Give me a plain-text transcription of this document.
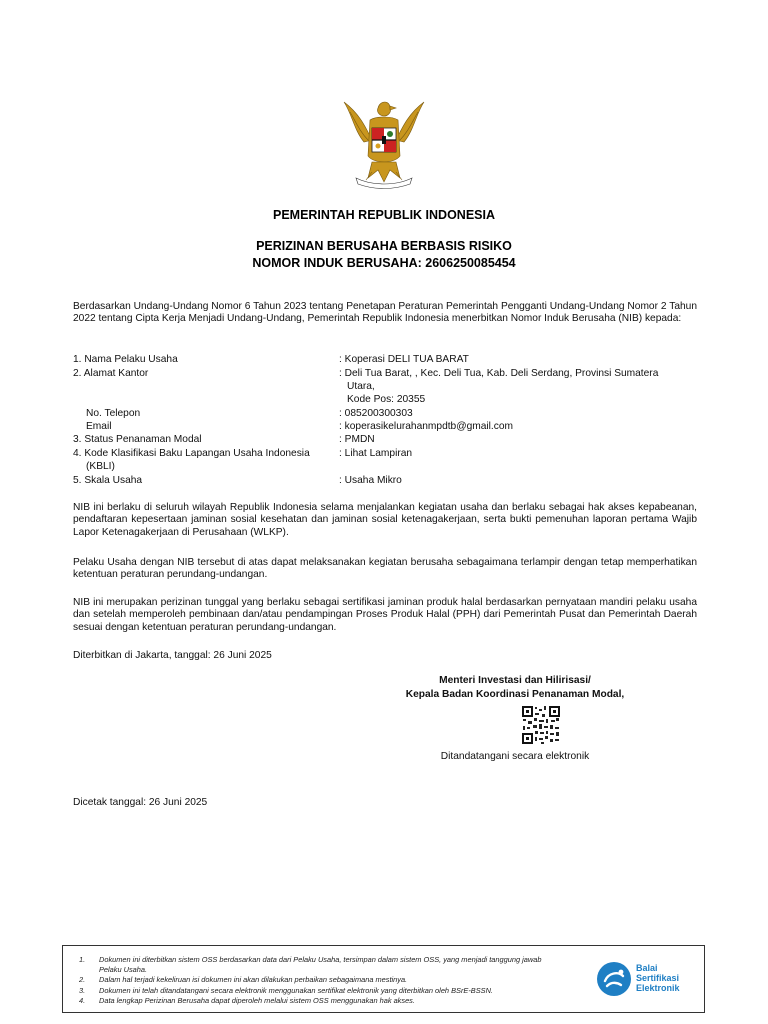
PEMERINTAH REPUBLIK INDONESIA
PERIZINAN BERUSAHA BERBASIS RISIKO
NOMOR INDUK BERUSAHA: 2606250085454
Berdasarkan Undang-Undang Nomor 6 Tahun 2023 tentang Penetapan Peraturan Pemerintah Pengganti Undang-Undang Nomor 2 Tahun 2022 tentang Cipta Kerja Menjadi Undang-Undang, Pemerintah Republik Indonesia menerbitkan Nomor Induk Berusaha (NIB) kepada:
1. Nama Pelaku Usaha	: Koperasi DELI TUA BARAT
2. Alamat Kantor	: Deli Tua Barat, , Kec. Deli Tua, Kab. Deli Serdang, Provinsi Sumatera
Utara,
Kode Pos: 20355
No. Telepon	: 085200300303
Email	: koperasikelurahanmpdtb@gmail.com
3. Status Penanaman Modal	: PMDN
4. Kode Klasifikasi Baku Lapangan Usaha Indonesia	: Lihat Lampiran
(KBLI)
5. Skala Usaha	: Usaha Mikro
NIB ini berlaku di seluruh wilayah Republik Indonesia selama menjalankan kegiatan usaha dan berlaku sebagai hak akses kepabeanan, pendaftaran kepesertaan jaminan sosial kesehatan dan jaminan sosial ketenagakerjaan, serta bukti pemenuhan laporan pertama Wajib Lapor Ketenagakerjaan di Perusahaan (WLKP).
Pelaku Usaha dengan NIB tersebut di atas dapat melaksanakan kegiatan berusaha sebagaimana terlampir dengan tetap memperhatikan ketentuan peraturan perundang-undangan.
NIB ini merupakan perizinan tunggal yang berlaku sebagai sertifikasi jaminan produk halal berdasarkan pernyataan mandiri pelaku usaha dan setelah memperoleh pembinaan dan/atau pendampingan Proses Produk Halal (PPH) dari Pemerintah Pusat dan Pemerintah Daerah sesuai dengan ketentuan peraturan perundang-undangan.
Diterbitkan di Jakarta, tanggal: 26 Juni 2025
Menteri Investasi dan Hilirisasi/
Kepala Badan Koordinasi Penanaman Modal,
Ditandatangani secara elektronik
Dicetak tanggal: 26 Juni 2025
1.	Dokumen ini diterbitkan sistem OSS berdasarkan data dari Pelaku Usaha, tersimpan dalam sistem OSS, yang menjadi tanggung jawab
Pelaku Usaha.
2.	Dalam hal terjadi kekeliruan isi dokumen ini akan dilakukan perbaikan sebagaimana mestinya.
3.	Dokumen ini telah ditandatangani secara elektronik menggunakan sertifikat elektronik yang diterbitkan oleh BSrE-BSSN.
4.	Data lengkap Perizinan Berusaha dapat diperoleh melalui sistem OSS menggunakan hak akses.
Balai
Sertifikasi
Elektronik
